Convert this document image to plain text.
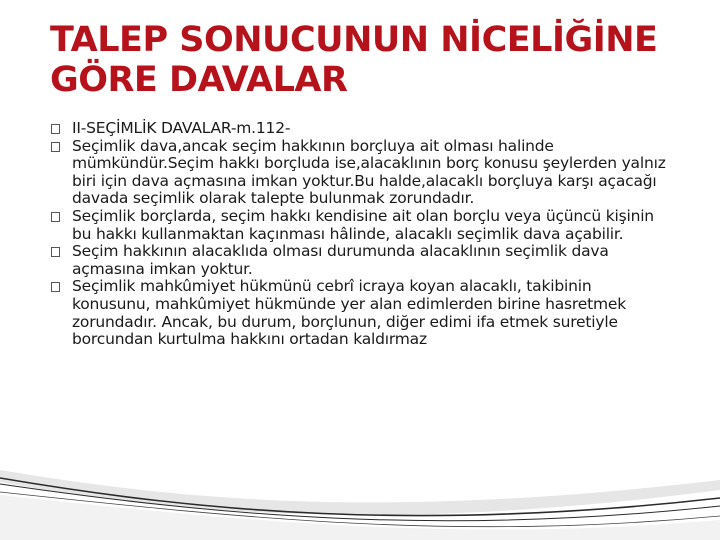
TALEP SONUCUNUN NİCELİĞİNE
GÖRE DAVALAR
II-SEÇİMLİK DAVALAR-m.112-
Seçimlik dava,ancak seçim hakkının borçluya ait olması halinde mümkündür.Seçim hakkı borçluda ise,alacaklının borç konusu şeylerden yalnız biri için dava açmasına imkan yoktur.Bu halde,alacaklı borçluya karşı açacağı davada seçimlik olarak talepte bulunmak zorundadır.
Seçimlik borçlarda, seçim hakkı kendisine ait olan borçlu veya üçüncü kişinin bu hakkı kullanmaktan kaçınması hâlinde, alacaklı seçimlik dava açabilir.
Seçim hakkının alacaklıda olması durumunda alacaklının seçimlik dava açmasına imkan yoktur.
Seçimlik mahkûmiyet hükmünü cebrî icraya koyan alacaklı, takibinin konusunu, mahkûmiyet hükmünde yer alan edimlerden birine hasretmek zorundadır. Ancak, bu durum, borçlunun, diğer edimi ifa etmek suretiyle borcundan kurtulma hakkını ortadan kaldırmaz
